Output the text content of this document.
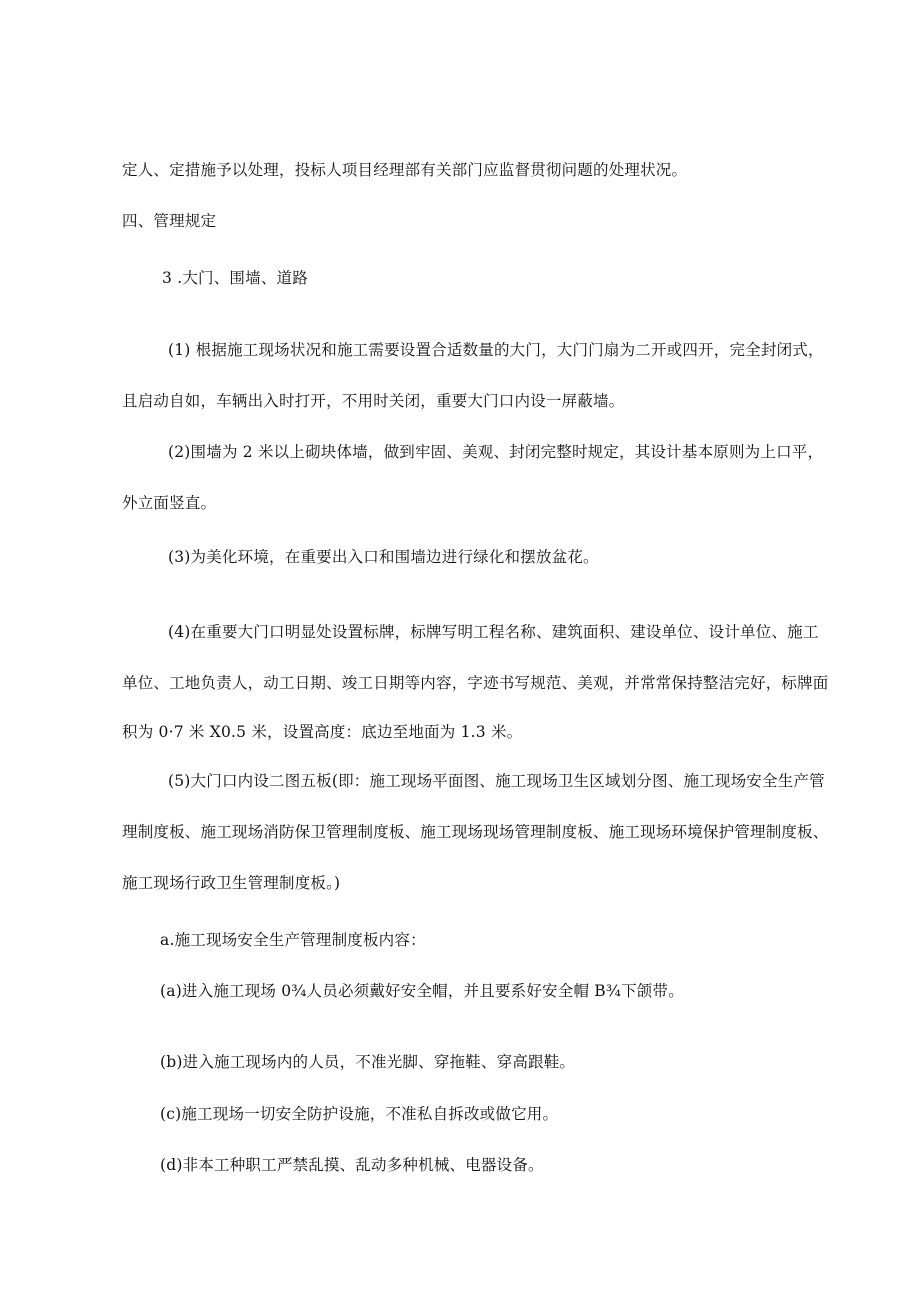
定人、定措施予以处理，投标人项目经理部有关部门应监督贯彻问题的处理状况。
四、管理规定
3 .大门、围墙、道路
(1) 根据施工现场状况和施工需要设置合适数量的大门，大门门扇为二开或四开，完全封闭式，
且启动自如，车辆出入时打开，不用时关闭，重要大门口内设一屏蔽墙。
(2)围墙为 2 米以上砌块体墙，做到牢固、美观、封闭完整时规定，其设计基本原则为上口平，
外立面竖直。
(3)为美化环境，在重要出入口和围墙边进行绿化和摆放盆花。
(4)在重要大门口明显处设置标牌，标牌写明工程名称、建筑面积、建设单位、设计单位、施工
单位、工地负责人，动工日期、竣工日期等内容，字迹书写规范、美观，并常常保持整洁完好，标牌面
积为 0·7 米 X0.5 米，设置高度：底边至地面为 1.3 米。
(5)大门口内设二图五板(即：施工现场平面图、施工现场卫生区域划分图、施工现场安全生产管
理制度板、施工现场消防保卫管理制度板、施工现场现场管理制度板、施工现场环境保护管理制度板、
施工现场行政卫生管理制度板。)
a.施工现场安全生产管理制度板内容：
(a)进入施工现场 0¾人员必须戴好安全帽，并且要系好安全帽 B¾下颌带。
(b)进入施工现场内的人员，不准光脚、穿拖鞋、穿高跟鞋。
(c)施工现场一切安全防护设施，不准私自拆改或做它用。
(d)非本工种职工严禁乱摸、乱动多种机械、电器设备。
